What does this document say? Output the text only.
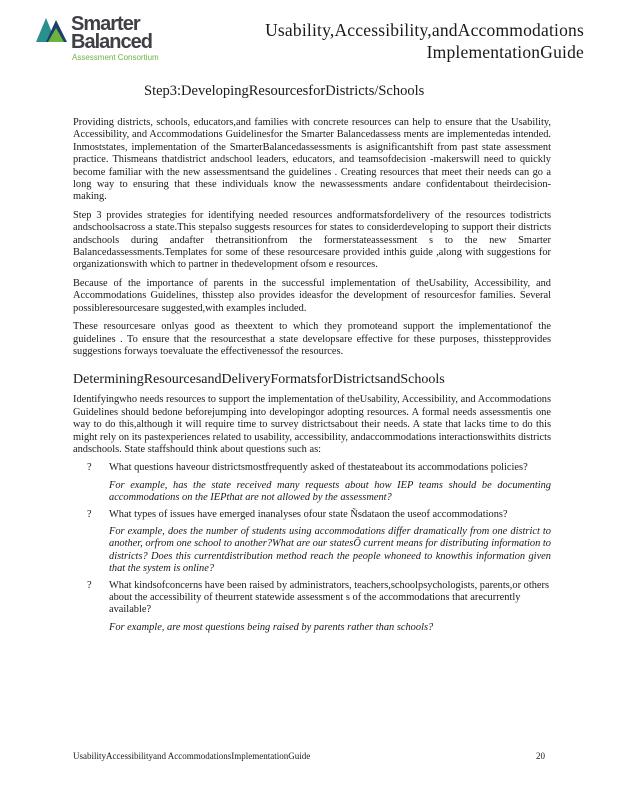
Smarter
Balanced
Assessment Consortium
Usability,Accessibility,andAccommodations
ImplementationGuide
Step3:DevelopingResourcesforDistricts/Schools

Providing districts, schools, educators,and families with concrete resources can help to ensure that the Usability, Accessibility, and Accommodations Guidelinesfor the Smarter Balancedassess ments are implementedas intended. Inmoststates, implementation of the SmarterBalancedassessments is asignificantshift from past state assessment practice. Thismeans thatdistrict andschool leaders, educators, and teamsofdecision -makerswill need to quickly become familiar with the new assessmentsand the guidelines . Creating resources that meet their needs can go a long way to ensuring that these individuals know the newassessments andare confidentabout theirdecision-making.

Step 3 provides strategies for identifying needed resources andformatsfordelivery of the resources todistricts andschoolsacross a state.This stepalso suggests resources for states to considerdeveloping to support their districts andschools during andafter thetransitionfrom the formerstateassessment s to the new Smarter Balancedassessments.Templates for some of these resourcesare provided inthis guide ,along with suggestions for organizationswith which to partner in thedevelopment ofsom e resources.

Because of the importance of parents in the successful implementation of theUsability, Accessibility, and Accommodations Guidelines, thisstep also provides ideasfor the development of resourcesfor families. Several possibleresourcesare suggested,with examples included.

These resourcesare onlyas good as theextent to which they promoteand support the implementationof the guidelines . To ensure that the resourcesthat a state developsare effective for these purposes, thisstepprovides suggestions forways toevaluate the effectivenessof the resources.

DeterminingResourcesandDeliveryFormatsforDistrictsandSchools

Identifyingwho needs resources to support the implementation of theUsability, Accessibility, and Accommodations Guidelines should bedone beforejumping into developingor adopting resources. A formal needs assessmentis one way to do this,although it will require time to survey districtsabout their needs. A state that lacks time to do this might rely on its pastexperiences related to usability, accessibility, andaccommodations interactionswithits districts andschools. State staffshould think about questions such as:

? What questions haveour districtsmostfrequently asked of thestateabout its accommodations policies?
For example, has the state received many requests about how IEP teams should be documenting accommodations on the IEPthat are not allowed by the assessment?
? What types of issues have emerged inanalyses ofour state Ñsdataon the useof accommodations?
For example, does the number of students using accommodations differ dramatically from one district to another, orfrom one school to another?What are our statesÕ current means for distributing information to districts? Does this currentdistribution method reach the people whoneed to knowthis information given that the system is online?
? What kindsofconcerns have been raised by administrators, teachers,schoolpsychologists, parents,or others about the accessibility of theurrent statewide assessment s of the accommodations that arecurrently available?
For example, are most questions being raised by parents rather than schools?
UsabilityAccessibilityand AccommodationsImplementationGuide	20
